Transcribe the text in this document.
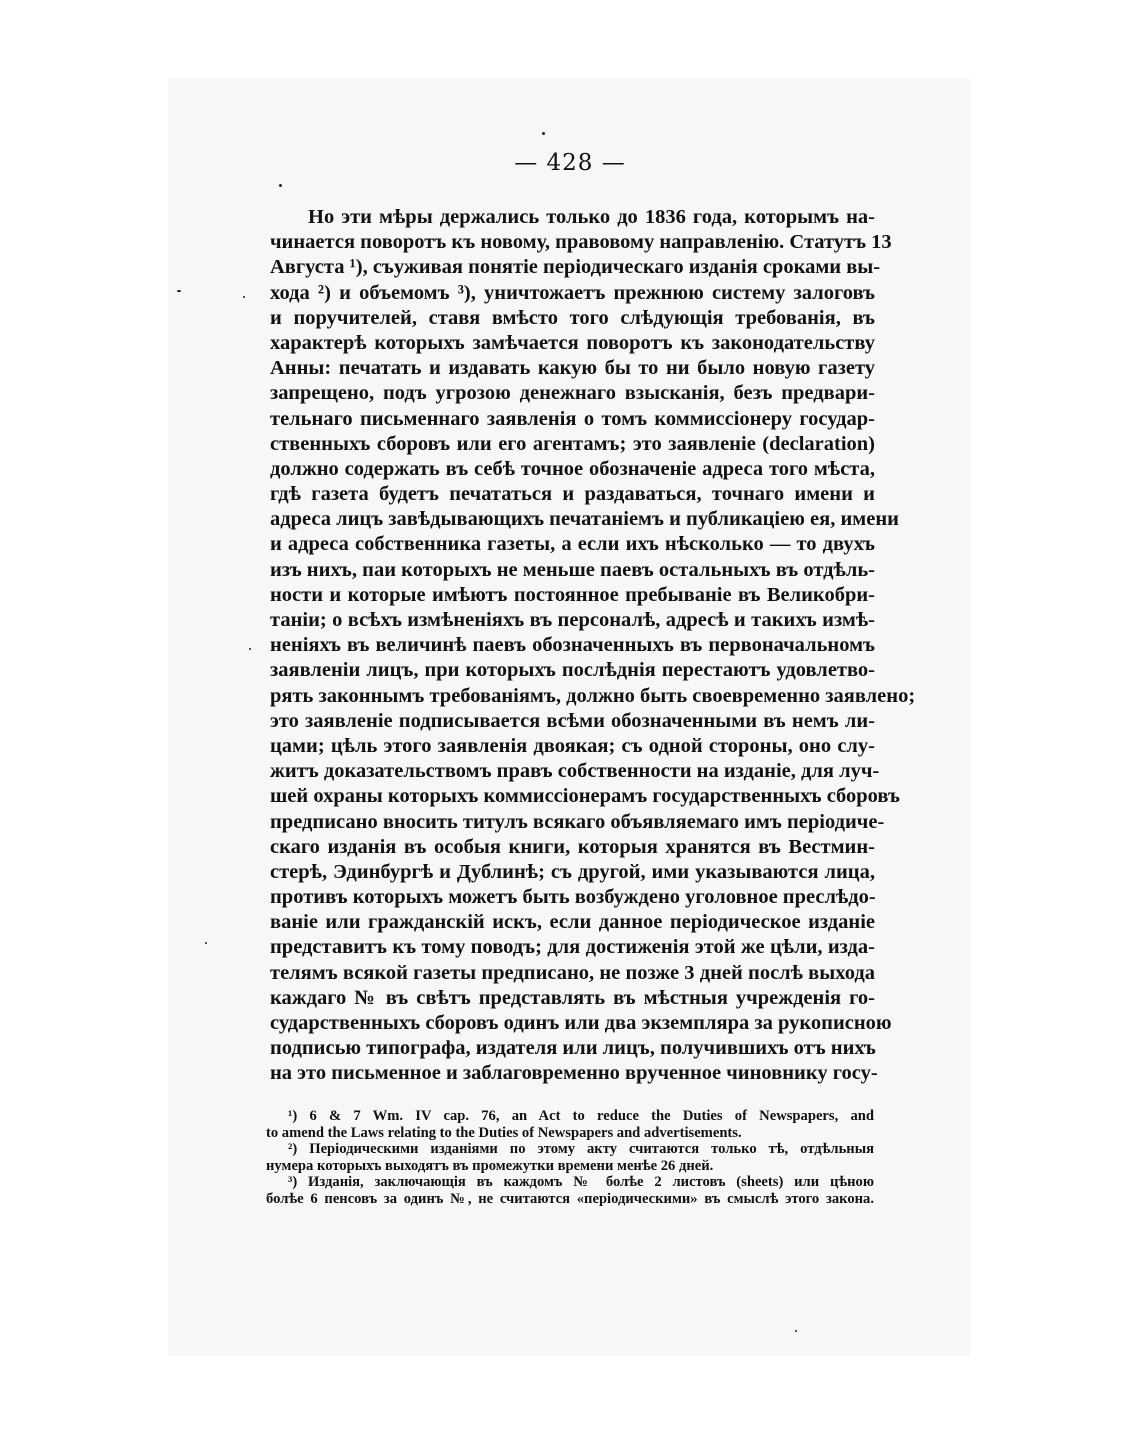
— 428 —
Но эти мѣры держались только до 1836 года, которымъ на-
чинается поворотъ къ новому, правовому направленію. Статутъ 13
Августа ¹), съуживая понятіе періодическаго изданія сроками вы-
хода ²) и объемомъ ³), уничтожаетъ прежнюю систему залоговъ
и поручителей, ставя вмѣсто того слѣдующія требованія, въ
характерѣ которыхъ замѣчается поворотъ къ законодательству
Анны: печатать и издавать какую бы то ни было новую газету
запрещено, подъ угрозою денежнаго взысканія, безъ предвари-
тельнаго письменнаго заявленія о томъ коммиссіонеру государ-
ственныхъ сборовъ или его агентамъ; это заявленіе (declaration)
должно содержать въ себѣ точное обозначеніе адреса того мѣста,
гдѣ газета будетъ печататься и раздаваться, точнаго имени и
адреса лицъ завѣдывающихъ печатаніемъ и публикаціею ея, имени
и адреса собственника газеты, а если ихъ нѣсколько — то двухъ
изъ нихъ, паи которыхъ не меньше паевъ остальныхъ въ отдѣль-
ности и которые имѣютъ постоянное пребываніе въ Великобри-
таніи; о всѣхъ измѣненіяхъ въ персоналѣ, адресѣ и такихъ измѣ-
неніяхъ въ величинѣ паевъ обозначенныхъ въ первоначальномъ
заявленіи лицъ, при которыхъ послѣднія перестаютъ удовлетво-
рять законнымъ требованіямъ, должно быть своевременно заявлено;
это заявленіе подписывается всѣми обозначенными въ немъ ли-
цами; цѣль этого заявленія двоякая; съ одной стороны, оно слу-
житъ доказательствомъ правъ собственности на изданіе, для луч-
шей охраны которыхъ коммиссіонерамъ государственныхъ сборовъ
предписано вносить титулъ всякаго объявляемаго имъ періодиче-
скаго изданія въ особыя книги, которыя хранятся въ Вестмин-
стерѣ, Эдинбургѣ и Дублинѣ; съ другой, ими указываются лица,
противъ которыхъ можетъ быть возбуждено уголовное преслѣдо-
ваніе или гражданскій искъ, если данное періодическое изданіе
представитъ къ тому поводъ; для достиженія этой же цѣли, изда-
телямъ всякой газеты предписано, не позже 3 дней послѣ выхода
каждаго № въ свѣтъ представлять въ мѣстныя учрежденія го-
сударственныхъ сборовъ одинъ или два экземпляра за рукописною
подписью типографа, издателя или лицъ, получившихъ отъ нихъ
на это письменное и заблаговременно врученное чиновнику госу-
¹) 6 & 7 Wm. IV cap. 76, an Act to reduce the Duties of Newspapers, and
to amend the Laws relating to the Duties of Newspapers and advertisements.
²) Періодическими изданіями по этому акту считаются только тѣ, отдѣльныя
нумера которыхъ выходятъ въ промежутки времени менѣе 26 дней.
³) Изданія, заключающія въ каждомъ № болѣе 2 листовъ (sheets) или цѣною
болѣе 6 пенсовъ за одинъ №, не считаются «періодическими» въ смыслѣ этого закона.
